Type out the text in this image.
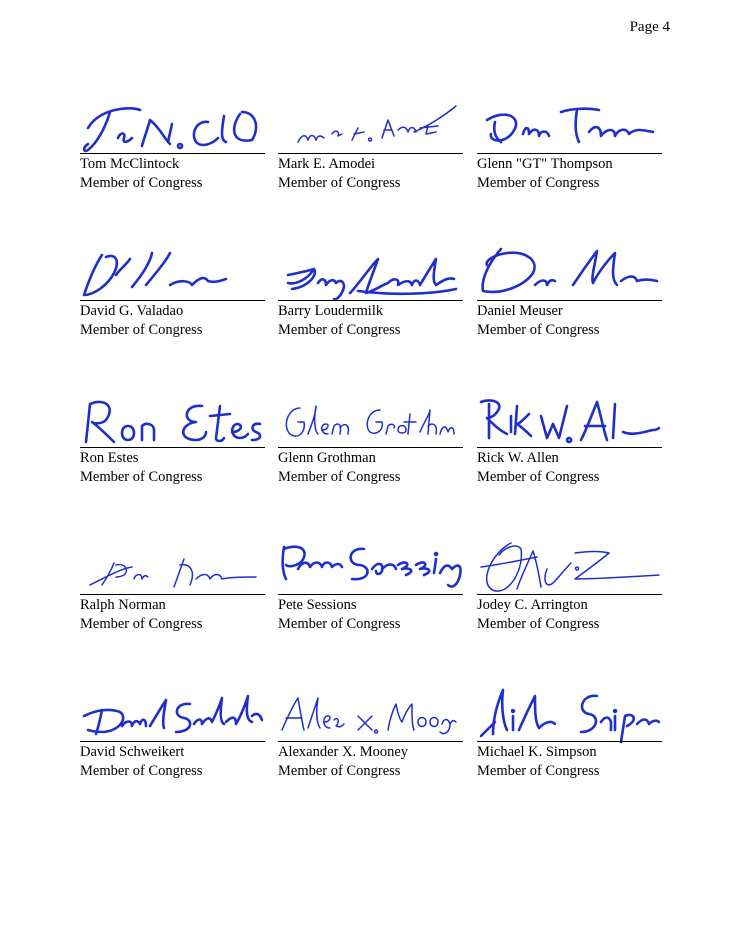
Page 4
Tom McClintock
Member of Congress
Mark E. Amodei
Member of Congress
Glenn "GT" Thompson
Member of Congress
David G. Valadao
Member of Congress
Barry Loudermilk
Member of Congress
Daniel Meuser
Member of Congress
Ron Estes
Member of Congress
Glenn Grothman
Member of Congress
Rick W. Allen
Member of Congress
Ralph Norman
Member of Congress
Pete Sessions
Member of Congress
Jodey C. Arrington
Member of Congress
David Schweikert
Member of Congress
Alexander X. Mooney
Member of Congress
Michael K. Simpson
Member of Congress
